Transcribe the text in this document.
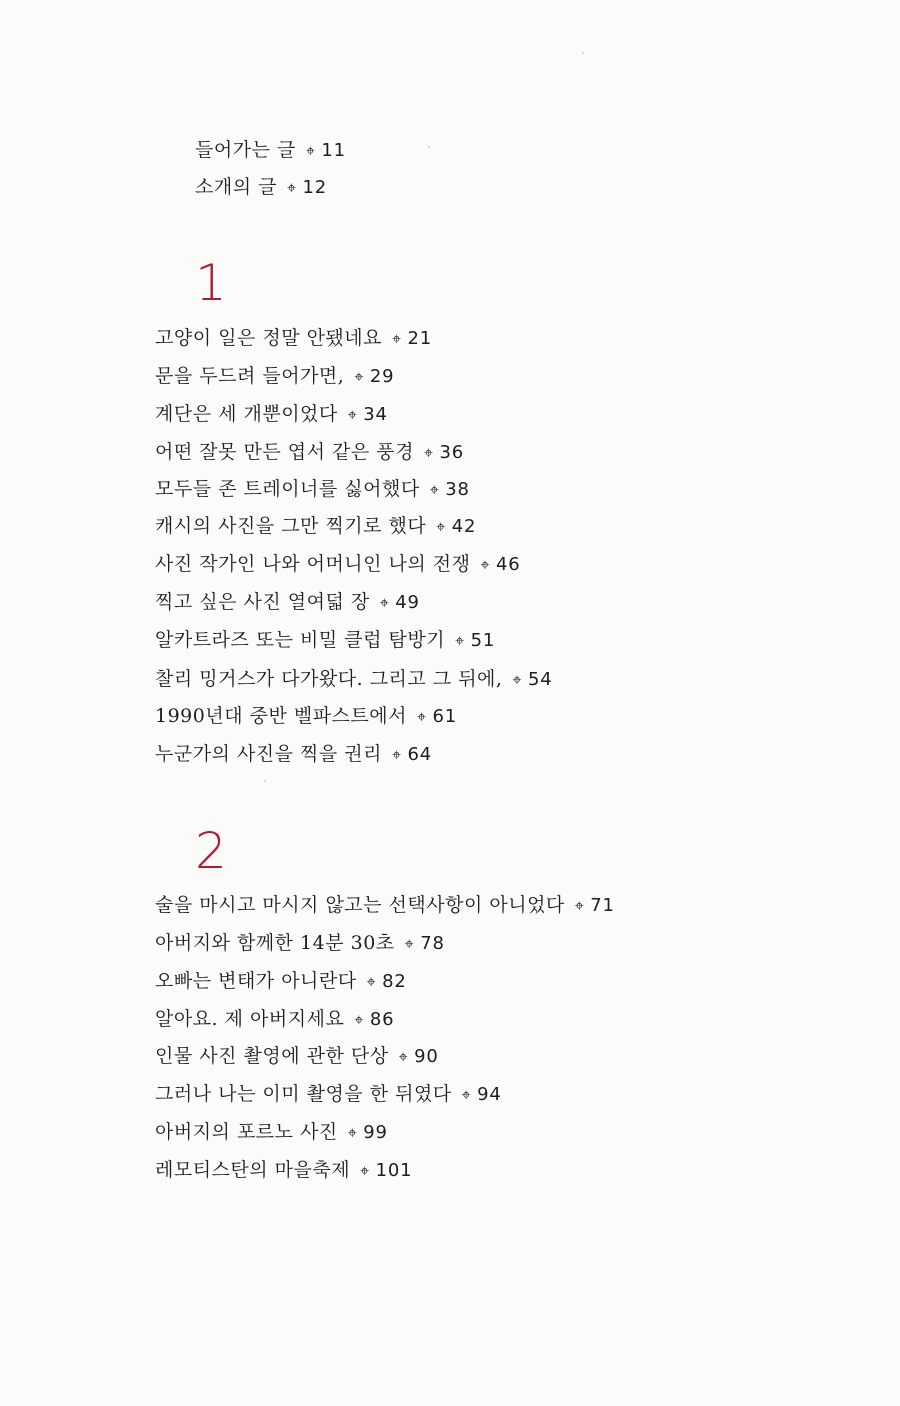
들어가는 글 ⌖ 11
소개의 글 ⌖ 12
1
고양이 일은 정말 안됐네요 ⌖ 21
문을 두드려 들어가면, ⌖ 29
계단은 세 개뿐이었다 ⌖ 34
어떤 잘못 만든 엽서 같은 풍경 ⌖ 36
모두들 존 트레이너를 싫어했다 ⌖ 38
캐시의 사진을 그만 찍기로 했다 ⌖ 42
사진 작가인 나와 어머니인 나의 전쟁 ⌖ 46
찍고 싶은 사진 열여덟 장 ⌖ 49
알카트라즈 또는 비밀 클럽 탐방기 ⌖ 51
찰리 밍거스가 다가왔다. 그리고 그 뒤에, ⌖ 54
1990년대 중반 벨파스트에서 ⌖ 61
누군가의 사진을 찍을 권리 ⌖ 64
2
술을 마시고 마시지 않고는 선택사항이 아니었다 ⌖ 71
아버지와 함께한 14분 30초 ⌖ 78
오빠는 변태가 아니란다 ⌖ 82
알아요. 제 아버지세요 ⌖ 86
인물 사진 촬영에 관한 단상 ⌖ 90
그러나 나는 이미 촬영을 한 뒤였다 ⌖ 94
아버지의 포르노 사진 ⌖ 99
레모티스탄의 마을축제 ⌖ 101
